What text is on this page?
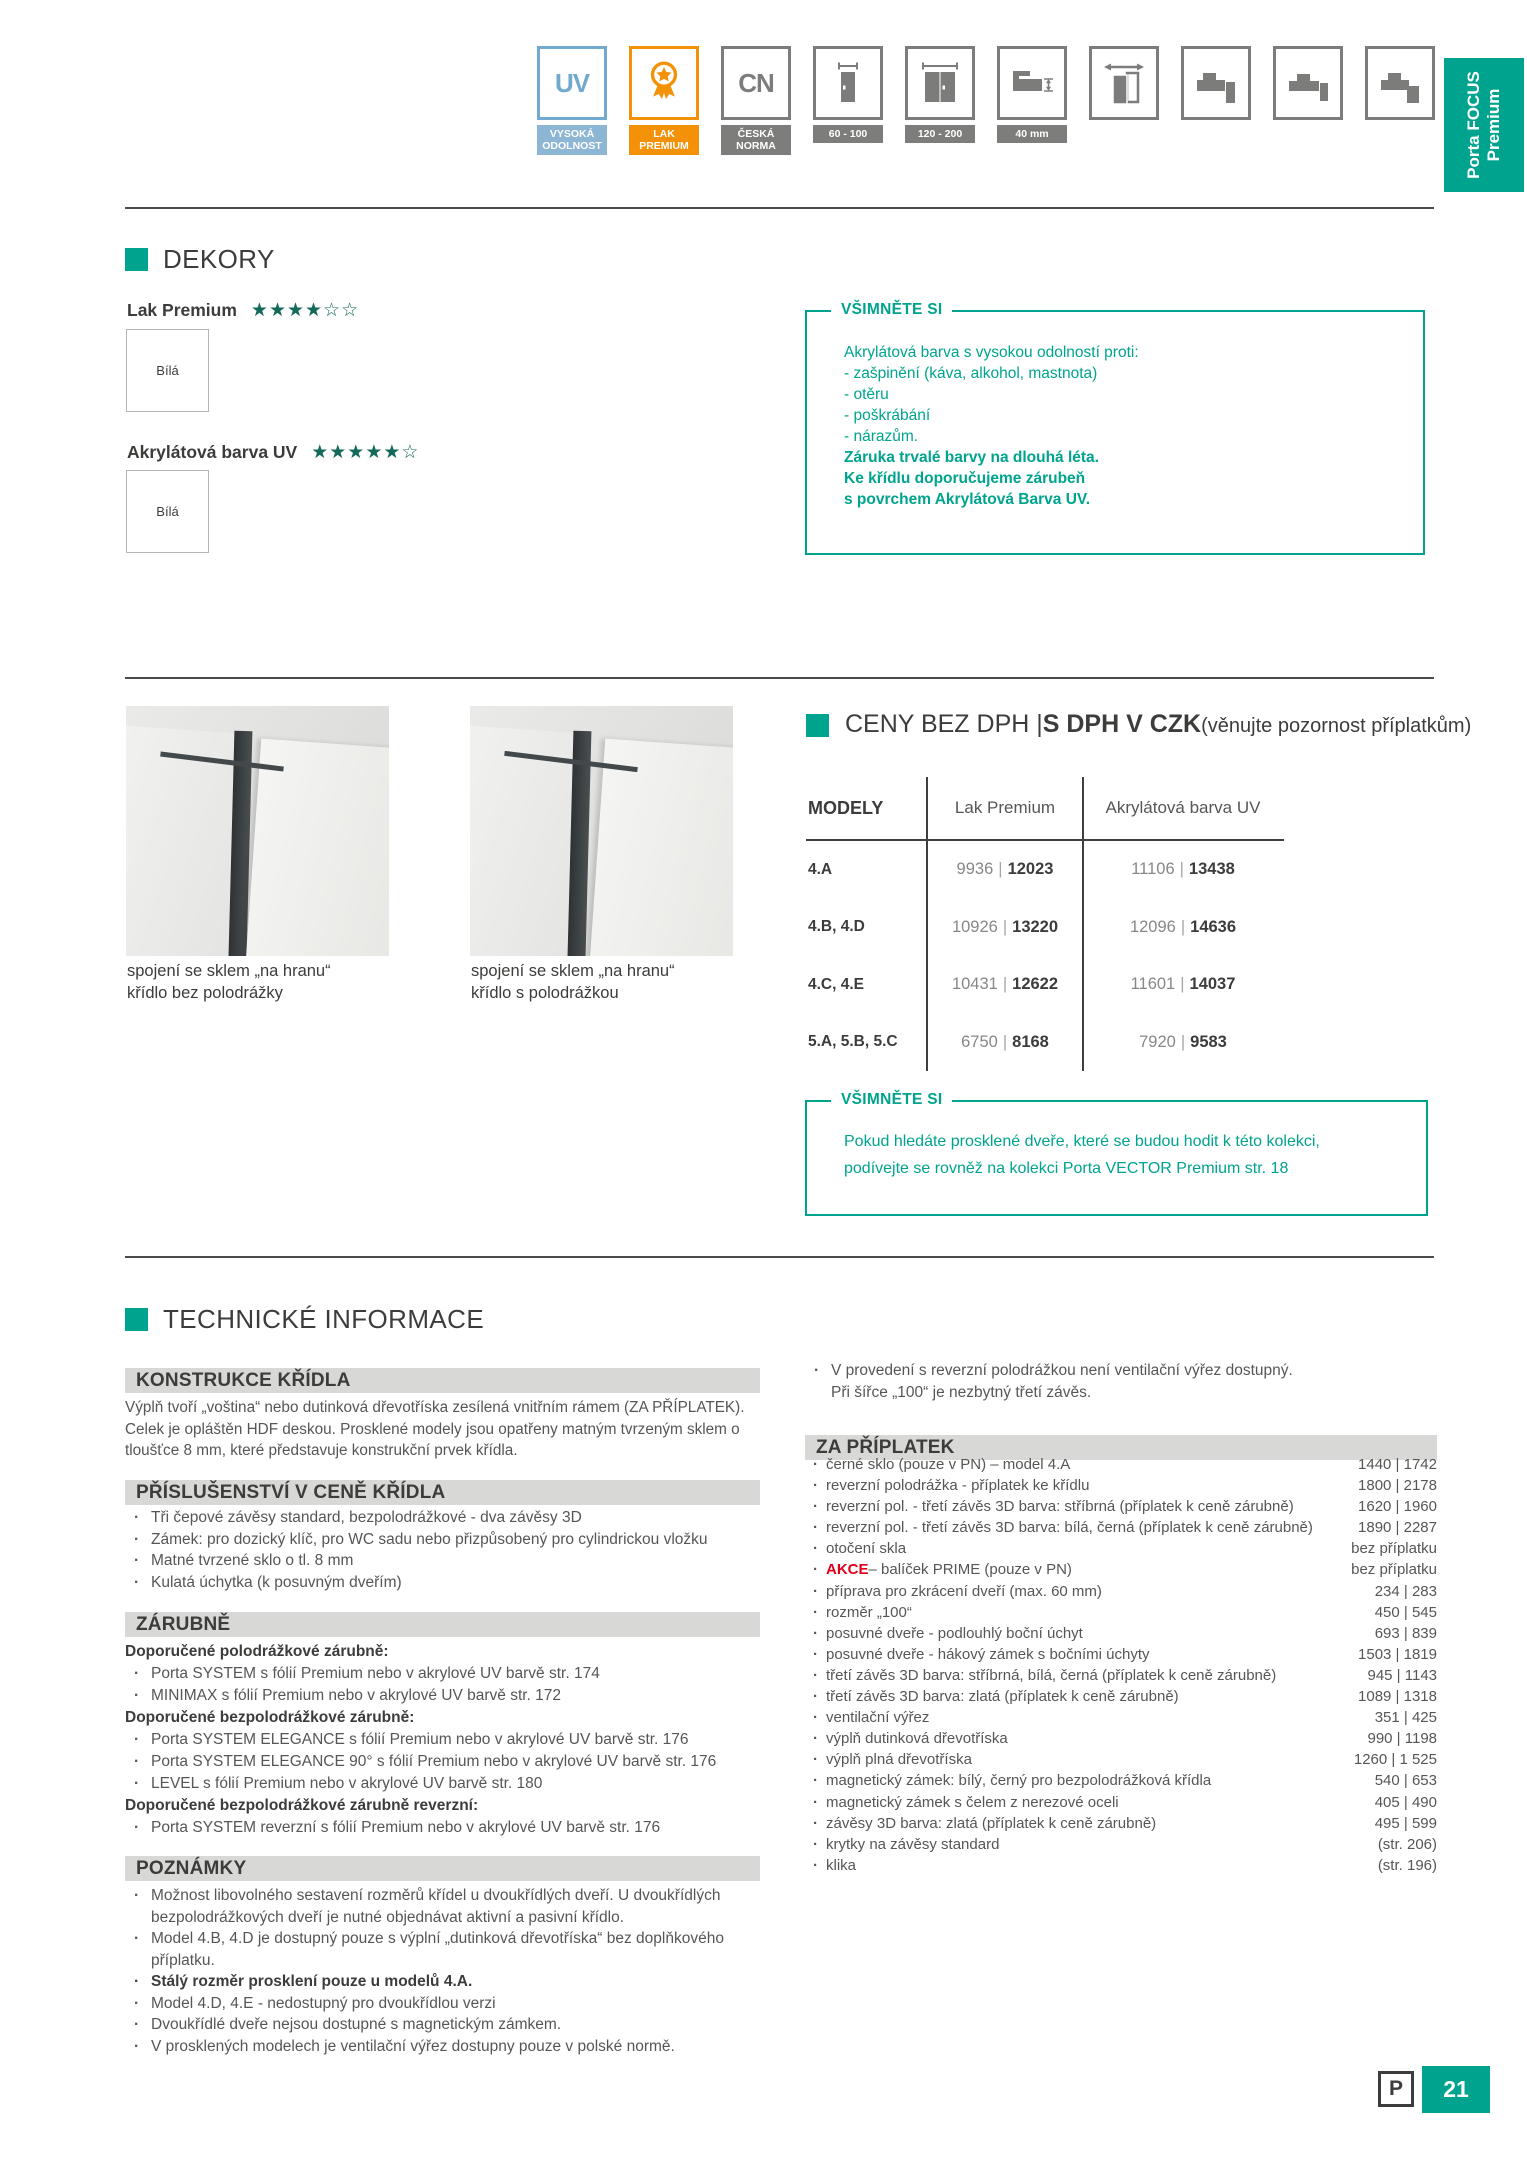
UV
VYSOKÁ
ODOLNOST
LAK
PREMIUM
CN
ČESKÁ
NORMA
60 - 100	120 - 200	40 mm	Porta FOCUS Premium
DEKORY
Lak Premium ★★★★☆☆
Bílá
Akrylátová barva UV ★★★★★☆
Bílá
VŠIMNĚTE SI
Akrylátová barva s vysokou odolností proti:
- zašpinění (káva, alkohol, mastnota)
- otěru
- poškrábání
- nárazům.
Záruka trvalé barvy na dlouhá léta.
Ke křídlu doporučujeme zárubeň
s povrchem Akrylátová Barva UV.
spojení se sklem „na hranu“
křídlo bez polodrážky
spojení se sklem „na hranu“
křídlo s polodrážkou
CENY BEZ DPH | S DPH V CZK (věnujte pozornost příplatkům)
MODELY	Lak Premium	Akrylátová barva UV
4.A	9936 | 12023	11106 | 13438
4.B, 4.D	10926 | 13220	12096 | 14636
4.C, 4.E	10431 | 12622	11601 | 14037
5.A, 5.B, 5.C	6750 | 8168	7920 | 9583
VŠIMNĚTE SI
Pokud hledáte prosklené dveře, které se budou hodit k této kolekci,
podívejte se rovněž na kolekci Porta VECTOR Premium str. 18
TECHNICKÉ INFORMACE
KONSTRUKCE KŘÍDLA
Výplň tvoří „voština“ nebo dutinková dřevotříska zesílená vnitřním rámem (ZA PŘÍPLATEK). Celek je opláštěn HDF deskou. Prosklené modely jsou opatřeny matným tvrzeným sklem o tloušťce 8 mm, které představuje konstrukční prvek křídla.
PŘÍSLUŠENSTVÍ V CENĚ KŘÍDLA
· Tři čepové závěsy standard, bezpolodrážkové - dva závěsy 3D
· Zámek: pro dozický klíč, pro WC sadu nebo přizpůsobený pro cylindrickou vložku
· Matné tvrzené sklo o tl. 8 mm
· Kulatá úchytka (k posuvným dveřím)
ZÁRUBNĚ
Doporučené polodrážkové zárubně:
· Porta SYSTEM s fólií Premium nebo v akrylové UV barvě str. 174
· MINIMAX s fólií Premium nebo v akrylové UV barvě str. 172
Doporučené bezpolodrážkové zárubně:
· Porta SYSTEM ELEGANCE s fólií Premium nebo v akrylové UV barvě str. 176
· Porta SYSTEM ELEGANCE 90° s fólií Premium nebo v akrylové UV barvě str. 176
· LEVEL s fólií Premium nebo v akrylové UV barvě str. 180
Doporučené bezpolodrážkové zárubně reverzní:
· Porta SYSTEM reverzní s fólií Premium nebo v akrylové UV barvě str. 176
POZNÁMKY
· Možnost libovolného sestavení rozměrů křídel u dvoukřídlých dveří. U dvoukřídlých bezpolodrážkových dveří je nutné objednávat aktivní a pasivní křídlo.
· Model 4.B, 4.D je dostupný pouze s výplní „dutinková dřevotříska“ bez doplňkového příplatku.
· Stálý rozměr prosklení pouze u modelů 4.A.
· Model 4.D, 4.E - nedostupný pro dvoukřídlou verzi
· Dvoukřídlé dveře nejsou dostupné s magnetickým zámkem.
· V prosklených modelech je ventilační výřez dostupny pouze v polské normě.
· V provedení s reverzní polodrážkou není ventilační výřez dostupný.
Při šířce „100“ je nezbytný třetí závěs.
ZA PŘÍPLATEK
· černé sklo (pouze v PN) – model 4.A	1440 | 1742
· reverzní polodrážka - příplatek ke křídlu	1800 | 2178
· reverzní pol. - třetí závěs 3D barva: stříbrná (příplatek k ceně zárubně)	1620 | 1960
· reverzní pol. - třetí závěs 3D barva: bílá, černá (příplatek k ceně zárubně)	1890 | 2287
· otočení skla	bez příplatku
· AKCE – balíček PRIME (pouze v PN)	bez příplatku
· příprava pro zkrácení dveří (max. 60 mm)	234 | 283
· rozměr „100“	450 | 545
· posuvné dveře - podlouhlý boční úchyt	693 | 839
· posuvné dveře - hákový zámek s bočními úchyty	1503 | 1819
· třetí závěs 3D barva: stříbrná, bílá, černá (příplatek k ceně zárubně)	945 | 1143
· třetí závěs 3D barva: zlatá (příplatek k ceně zárubně)	1089 | 1318
· ventilační výřez	351 | 425
· výplň dutinková dřevotříska	990 | 1198
· výplň plná dřevotříska	1260 | 1 525
· magnetický zámek: bílý, černý pro bezpolodrážková křídla	540 | 653
· magnetický zámek s čelem z nerezové oceli	405 | 490
· závěsy 3D barva: zlatá (příplatek k ceně zárubně)	495 | 599
· krytky na závěsy standard	(str. 206)
· klika	(str. 196)
P 21
